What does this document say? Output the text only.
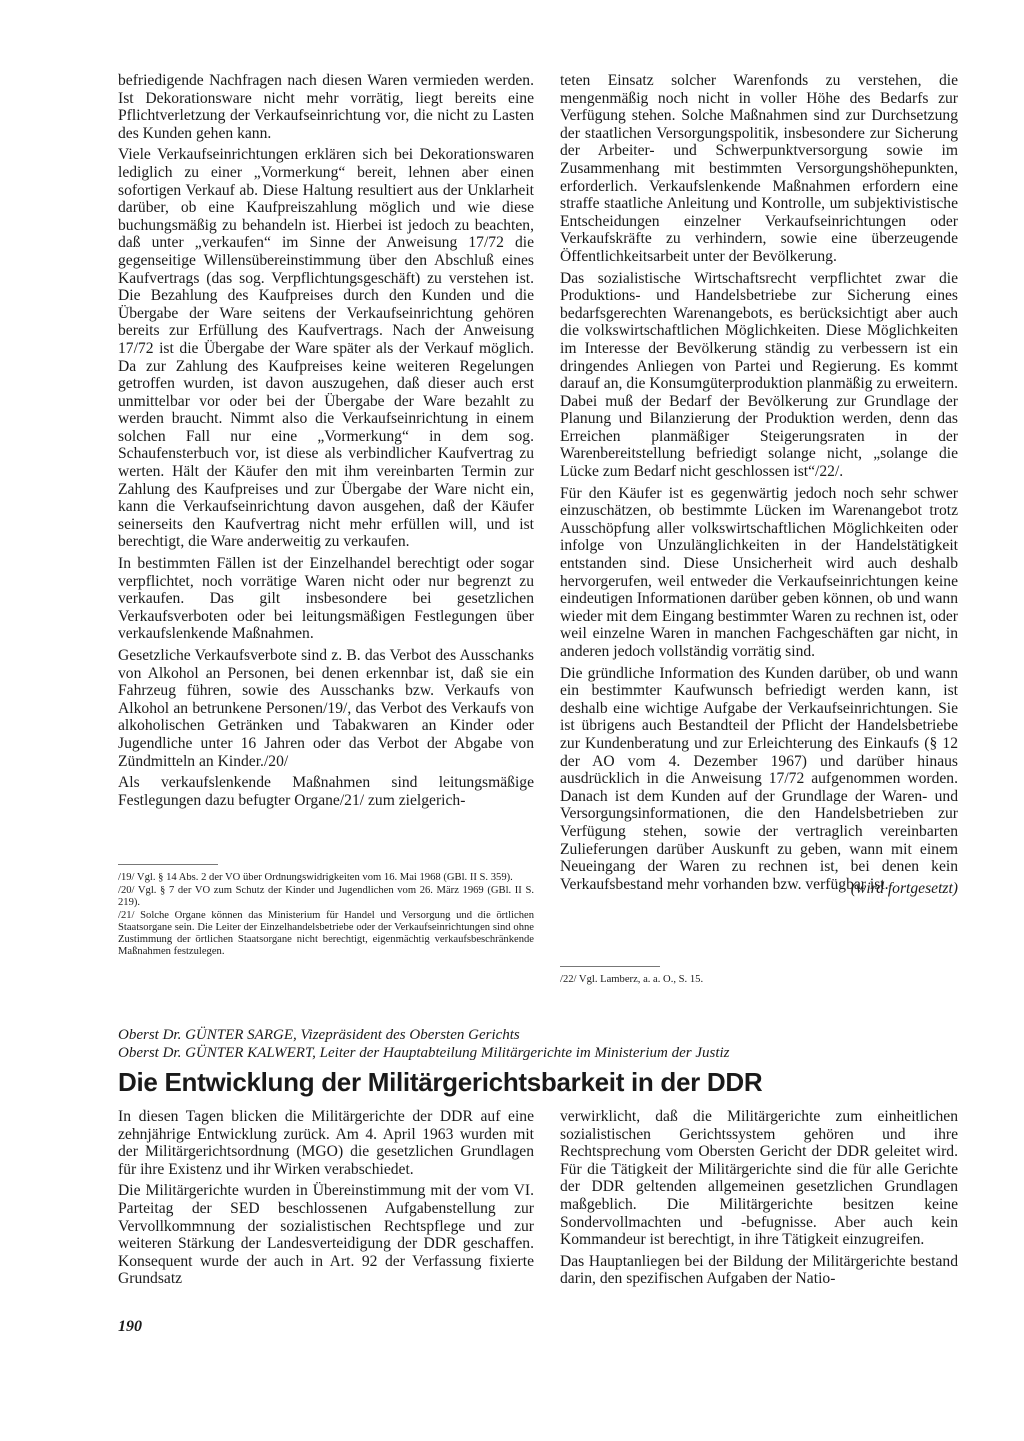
befriedigende Nachfragen nach diesen Waren vermieden werden. Ist Dekorationsware nicht mehr vorrätig, liegt bereits eine Pflichtverletzung der Verkaufseinrichtung vor, die nicht zu Lasten des Kunden gehen kann.

Viele Verkaufseinrichtungen erklären sich bei Dekorationswaren lediglich zu einer „Vormerkung“ bereit, lehnen aber einen sofortigen Verkauf ab. Diese Haltung resultiert aus der Unklarheit darüber, ob eine Kaufpreiszahlung möglich und wie diese buchungsmäßig zu behandeln ist. Hierbei ist jedoch zu beachten, daß unter „verkaufen“ im Sinne der Anweisung 17/72 die gegenseitige Willensübereinstimmung über den Abschluß eines Kaufvertrags (das sog. Verpflichtungsgeschäft) zu verstehen ist. Die Bezahlung des Kaufpreises durch den Kunden und die Übergabe der Ware seitens der Verkaufseinrichtung gehören bereits zur Erfüllung des Kaufvertrags. Nach der Anweisung 17/72 ist die Übergabe der Ware später als der Verkauf möglich. Da zur Zahlung des Kaufpreises keine weiteren Regelungen getroffen wurden, ist davon auszugehen, daß dieser auch erst unmittelbar vor oder bei der Übergabe der Ware bezahlt zu werden braucht. Nimmt also die Verkaufseinrichtung in einem solchen Fall nur eine „Vormerkung“ in dem sog. Schaufensterbuch vor, ist diese als verbindlicher Kaufvertrag zu werten. Hält der Käufer den mit ihm vereinbarten Termin zur Zahlung des Kaufpreises und zur Übergabe der Ware nicht ein, kann die Verkaufseinrichtung davon ausgehen, daß der Käufer seinerseits den Kaufvertrag nicht mehr erfüllen will, und ist berechtigt, die Ware anderweitig zu verkaufen.

In bestimmten Fällen ist der Einzelhandel berechtigt oder sogar verpflichtet, noch vorrätige Waren nicht oder nur begrenzt zu verkaufen. Das gilt insbesondere bei gesetzlichen Verkaufsverboten oder bei leitungsmäßigen Festlegungen über verkaufslenkende Maßnahmen.

Gesetzliche Verkaufsverbote sind z. B. das Verbot des Ausschanks von Alkohol an Personen, bei denen erkennbar ist, daß sie ein Fahrzeug führen, sowie des Ausschanks bzw. Verkaufs von Alkohol an betrunkene Personen/19/, das Verbot des Verkaufs von alkoholischen Getränken und Tabakwaren an Kinder oder Jugendliche unter 16 Jahren oder das Verbot der Abgabe von Zündmitteln an Kinder./20/

Als verkaufslenkende Maßnahmen sind leitungsmäßige Festlegungen dazu befugter Organe/21/ zum zielgerich-

/19/ Vgl. § 14 Abs. 2 der VO über Ordnungswidrigkeiten vom 16. Mai 1968 (GBl. II S. 359).

/20/ Vgl. § 7 der VO zum Schutz der Kinder und Jugendlichen vom 26. März 1969 (GBl. II S. 219).

/21/ Solche Organe können das Ministerium für Handel und Versorgung und die örtlichen Staatsorgane sein. Die Leiter der Einzelhandelsbetriebe oder der Verkaufseinrichtungen sind ohne Zustimmung der örtlichen Staatsorgane nicht berechtigt, eigenmächtig verkaufsbeschränkende Maßnahmen festzulegen.

teten Einsatz solcher Warenfonds zu verstehen, die mengenmäßig noch nicht in voller Höhe des Bedarfs zur Verfügung stehen. Solche Maßnahmen sind zur Durchsetzung der staatlichen Versorgungspolitik, insbesondere zur Sicherung der Arbeiter- und Schwerpunktversorgung sowie im Zusammenhang mit bestimmten Versorgungshöhepunkten, erforderlich. Verkaufslenkende Maßnahmen erfordern eine straffe staatliche Anleitung und Kontrolle, um subjektivistische Entscheidungen einzelner Verkaufseinrichtungen oder Verkaufskräfte zu verhindern, sowie eine überzeugende Öffentlichkeitsarbeit unter der Bevölkerung.

Das sozialistische Wirtschaftsrecht verpflichtet zwar die Produktions- und Handelsbetriebe zur Sicherung eines bedarfsgerechten Warenangebots, es berücksichtigt aber auch die volkswirtschaftlichen Möglichkeiten. Diese Möglichkeiten im Interesse der Bevölkerung ständig zu verbessern ist ein dringendes Anliegen von Partei und Regierung. Es kommt darauf an, die Konsumgüterproduktion planmäßig zu erweitern. Dabei muß der Bedarf der Bevölkerung zur Grundlage der Planung und Bilanzierung der Produktion werden, denn das Erreichen planmäßiger Steigerungsraten in der Warenbereitstellung befriedigt solange nicht, „solange die Lücke zum Bedarf nicht geschlossen ist“/22/.

Für den Käufer ist es gegenwärtig jedoch noch sehr schwer einzuschätzen, ob bestimmte Lücken im Warenangebot trotz Ausschöpfung aller volkswirtschaftlichen Möglichkeiten oder infolge von Unzulänglichkeiten in der Handelstätigkeit entstanden sind. Diese Unsicherheit wird auch deshalb hervorgerufen, weil entweder die Verkaufseinrichtungen keine eindeutigen Informationen darüber geben können, ob und wann wieder mit dem Eingang bestimmter Waren zu rechnen ist, oder weil einzelne Waren in manchen Fachgeschäften gar nicht, in anderen jedoch vollständig vorrätig sind.

Die gründliche Information des Kunden darüber, ob und wann ein bestimmter Kaufwunsch befriedigt werden kann, ist deshalb eine wichtige Aufgabe der Verkaufseinrichtungen. Sie ist übrigens auch Bestandteil der Pflicht der Handelsbetriebe zur Kundenberatung und zur Erleichterung des Einkaufs (§ 12 der AO vom 4. Dezember 1967) und darüber hinaus ausdrücklich in die Anweisung 17/72 aufgenommen worden. Danach ist dem Kunden auf der Grundlage der Waren- und Versorgungsinformationen, die den Handelsbetrieben zur Verfügung stehen, sowie der vertraglich vereinbarten Zulieferungen darüber Auskunft zu geben, wann mit einem Neueingang der Waren zu rechnen ist, bei denen kein Verkaufsbestand mehr vorhanden bzw. verfügbar ist.

(wird fortgesetzt)

/22/ Vgl. Lamberz, a. a. O., S. 15.

Oberst Dr. GÜNTER SARGE, Vizepräsident des Obersten Gerichts
Oberst Dr. GÜNTER KALWERT, Leiter der Hauptabteilung Militärgerichte im Ministerium der Justiz
Die Entwicklung der Militärgerichtsbarkeit in der DDR

In diesen Tagen blicken die Militärgerichte der DDR auf eine zehnjährige Entwicklung zurück. Am 4. April 1963 wurden mit der Militärgerichtsordnung (MGO) die gesetzlichen Grundlagen für ihre Existenz und ihr Wirken verabschiedet.

Die Militärgerichte wurden in Übereinstimmung mit der vom VI. Parteitag der SED beschlossenen Aufgabenstellung zur Vervollkommnung der sozialistischen Rechtspflege und zur weiteren Stärkung der Landesverteidigung der DDR geschaffen. Konsequent wurde der auch in Art. 92 der Verfassung fixierte Grundsatz

verwirklicht, daß die Militärgerichte zum einheitlichen sozialistischen Gerichtssystem gehören und ihre Rechtsprechung vom Obersten Gericht der DDR geleitet wird. Für die Tätigkeit der Militärgerichte sind die für alle Gerichte der DDR geltenden allgemeinen gesetzlichen Grundlagen maßgeblich. Die Militärgerichte besitzen keine Sondervollmachten und -befugnisse. Aber auch kein Kommandeur ist berechtigt, in ihre Tätigkeit einzugreifen.

Das Hauptanliegen bei der Bildung der Militärgerichte bestand darin, den spezifischen Aufgaben der Natio-

190
